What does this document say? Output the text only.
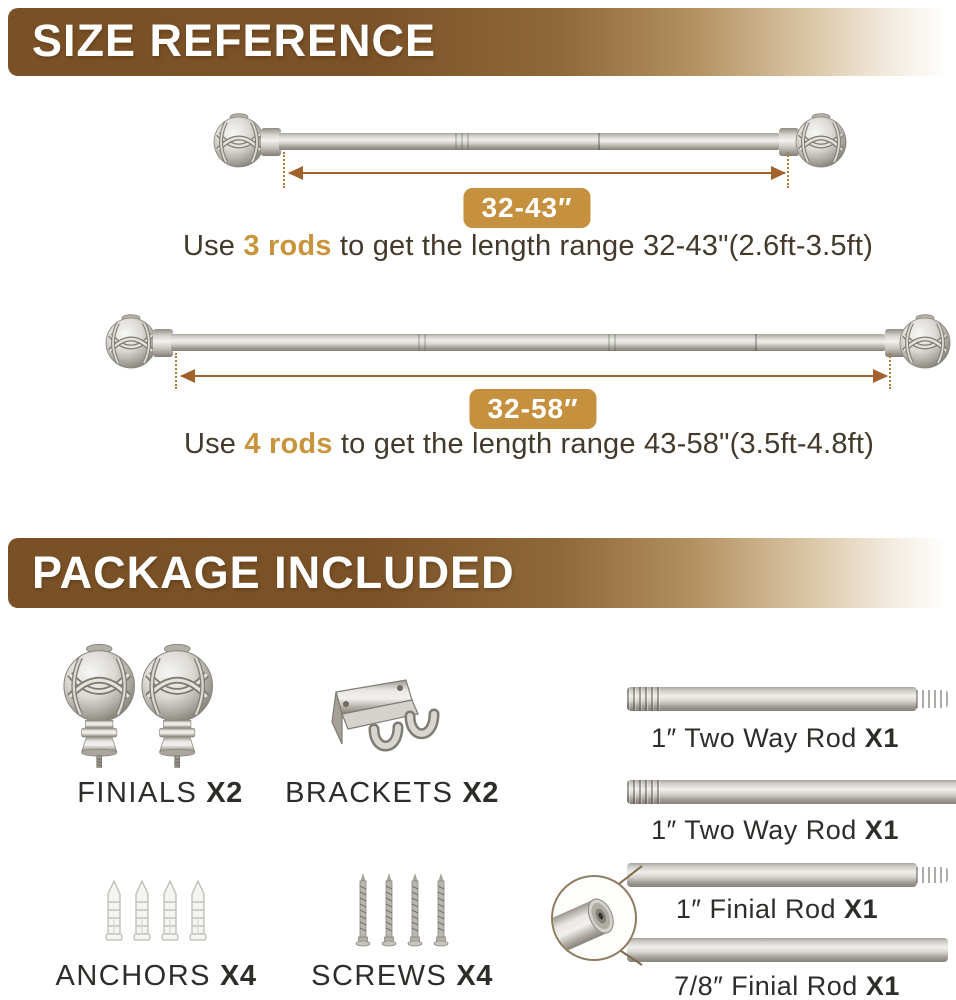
SIZE REFERENCE
32-43″
Use 3 rods to get the length range 32-43"(2.6ft-3.5ft)
32-58″
Use 4 rods to get the length range 43-58"(3.5ft-4.8ft)
PACKAGE INCLUDED
FINIALS X2 BRACKETS X2
ANCHORS X4 SCREWS X4
1″ Two Way Rod X1
1″ Two Way Rod X1
1″ Finial Rod X1
7/8″ Finial Rod X1
